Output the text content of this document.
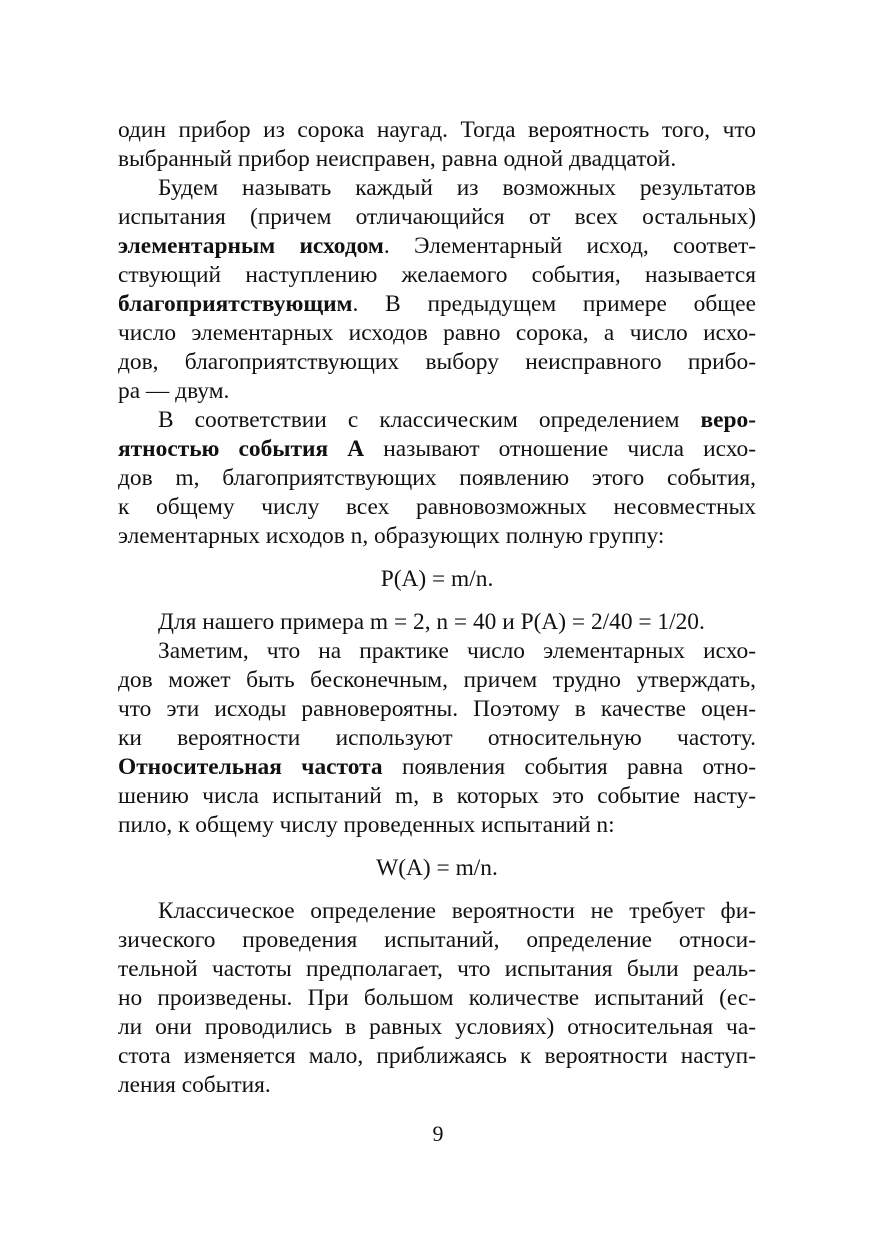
один прибор из сорока наугад. Тогда вероятность того, что
выбранный прибор неисправен, равна одной двадцатой.
Будем называть каждый из возможных результатов
испытания (причем отличающийся от всех остальных)
элементарным исходом. Элементарный исход, соответ-
ствующий наступлению желаемого события, называется
благоприятствующим. В предыдущем примере общее
число элементарных исходов равно сорока, а число исхо-
дов, благоприятствующих выбору неисправного прибо-
ра — двум.
В соответствии с классическим определением веро-
ятностью события А называют отношение числа исхо-
дов m, благоприятствующих появлению этого события,
к общему числу всех равновозможных несовместных
элементарных исходов n, образующих полную группу:
P(A) = m/n.
Для нашего примера m = 2, n = 40 и P(A) = 2/40 = 1/20.
Заметим, что на практике число элементарных исхо-
дов может быть бесконечным, причем трудно утверждать,
что эти исходы равновероятны. Поэтому в качестве оцен-
ки вероятности используют относительную частоту.
Относительная частота появления события равна отно-
шению числа испытаний m, в которых это событие насту-
пило, к общему числу проведенных испытаний n:
W(A) = m/n.
Классическое определение вероятности не требует фи-
зического проведения испытаний, определение относи-
тельной частоты предполагает, что испытания были реаль-
но произведены. При большом количестве испытаний (ес-
ли они проводились в равных условиях) относительная ча-
стота изменяется мало, приближаясь к вероятности наступ-
ления события.
9
